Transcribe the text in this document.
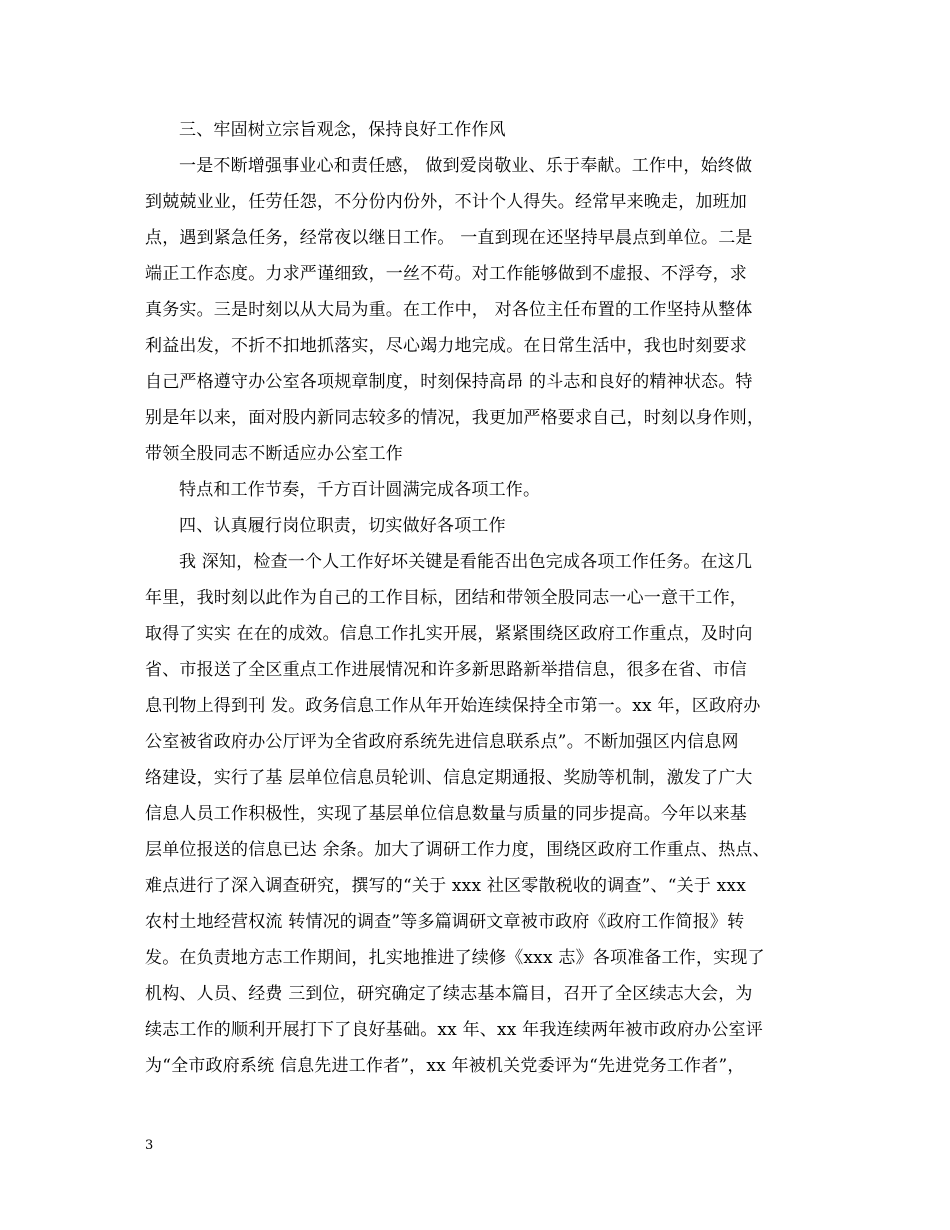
三、牢固树立宗旨观念，保持良好工作作风
一是不断增强事业心和责任感， 做到爱岗敬业、乐于奉献。工作中，始终做
到兢兢业业，任劳任怨，不分份内份外，不计个人得失。经常早来晚走，加班加
点，遇到紧急任务，经常夜以继日工作。 一直到现在还坚持早晨点到单位。二是
端正工作态度。力求严谨细致，一丝不苟。对工作能够做到不虚报、不浮夸，求
真务实。三是时刻以从大局为重。在工作中， 对各位主任布置的工作坚持从整体
利益出发，不折不扣地抓落实，尽心竭力地完成。在日常生活中，我也时刻要求
自己严格遵守办公室各项规章制度，时刻保持高昂 的斗志和良好的精神状态。特
别是年以来，面对股内新同志较多的情况，我更加严格要求自己，时刻以身作则，
带领全股同志不断适应办公室工作
特点和工作节奏，千方百计圆满完成各项工作。
四、认真履行岗位职责，切实做好各项工作
我 深知，检查一个人工作好坏关键是看能否出色完成各项工作任务。在这几
年里，我时刻以此作为自己的工作目标，团结和带领全股同志一心一意干工作，
取得了实实 在在的成效。信息工作扎实开展，紧紧围绕区政府工作重点，及时向
省、市报送了全区重点工作进展情况和许多新思路新举措信息，很多在省、市信
息刊物上得到刊 发。政务信息工作从年开始连续保持全市第一。xx 年，区政府办
公室被省政府办公厅评为全省政府系统先进信息联系点”。不断加强区内信息网
络建设，实行了基 层单位信息员轮训、信息定期通报、奖励等机制，激发了广大
信息人员工作积极性，实现了基层单位信息数量与质量的同步提高。今年以来基
层单位报送的信息已达 余条。加大了调研工作力度，围绕区政府工作重点、热点、
难点进行了深入调查研究，撰写的“关于 xxx 社区零散税收的调查”、“关于 xxx
农村土地经营权流 转情况的调查”等多篇调研文章被市政府《政府工作简报》转
发。在负责地方志工作期间，扎实地推进了续修《xxx 志》各项准备工作，实现了
机构、人员、经费 三到位，研究确定了续志基本篇目，召开了全区续志大会，为
续志工作的顺利开展打下了良好基础。xx 年、xx 年我连续两年被市政府办公室评
为“全市政府系统 信息先进工作者”，xx 年被机关党委评为“先进党务工作者”，
3
